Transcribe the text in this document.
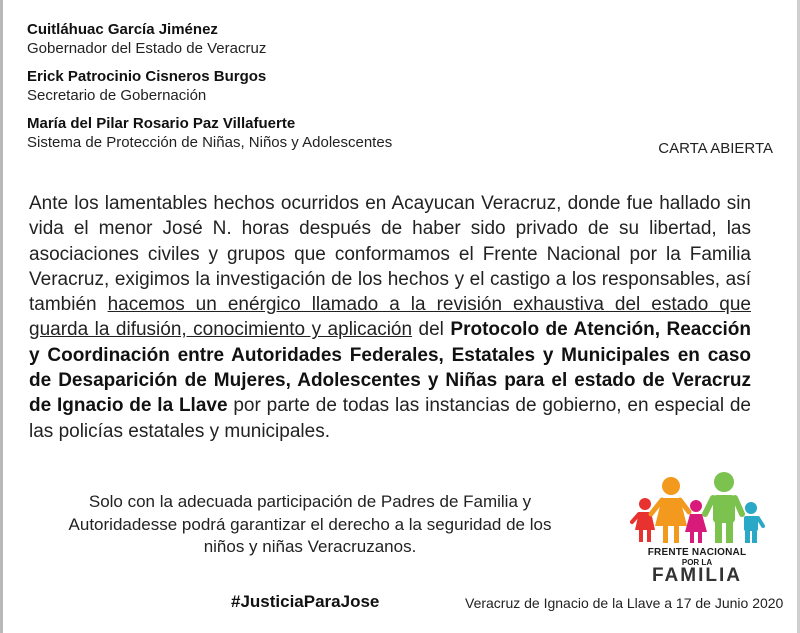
Cuitláhuac García Jiménez
Gobernador del Estado de Veracruz
Erick Patrocinio Cisneros Burgos
Secretario de Gobernación
María del Pilar Rosario Paz Villafuerte
Sistema de Protección de Niñas, Niños y Adolescentes	CARTA ABIERTA
Ante los lamentables hechos ocurridos en Acayucan Veracruz, donde fue hallado sin vida el menor José N. horas después de haber sido privado de su libertad, las asociaciones civiles y grupos que conformamos el Frente Nacional por la Familia Veracruz, exigimos la investigación de los hechos y el castigo a los responsables, así también hacemos un enérgico llamado a la revisión exhaustiva del estado que guarda la difusión, conocimiento y aplicación del Protocolo de Atención, Reacción y Coordinación entre Autoridades Federales, Estatales y Municipales en caso de Desaparición de Mujeres, Adolescentes y Niñas para el estado de Veracruz de Ignacio de la Llave por parte de todas las instancias de gobierno, en especial de las policías estatales y municipales.
Solo con la adecuada participación de Padres de Familia y
Autoridadesse podrá garantizar el derecho a la seguridad de los
niños y niñas Veracruzanos.
#JusticiaParaJose	Veracruz de Ignacio de la Llave a 17 de Junio 2020
FRENTE NACIONAL
POR LA
FAMILIA
